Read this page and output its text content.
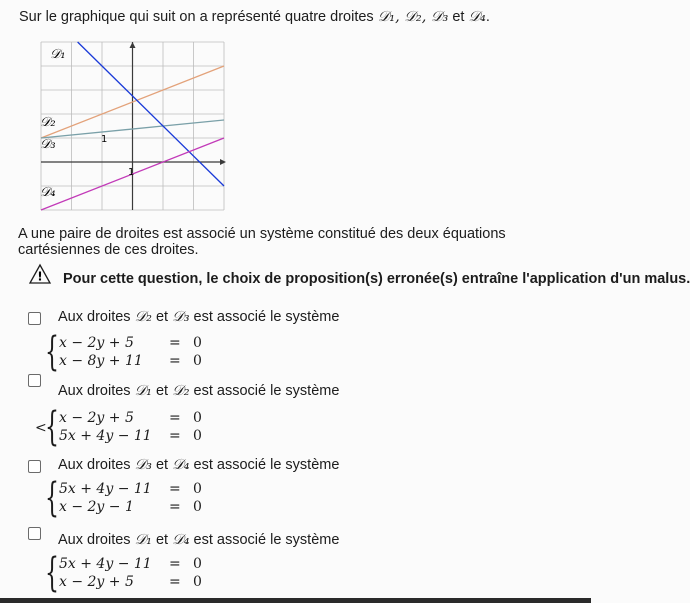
Sur le graphique qui suit on a représenté quatre droites 𝒟₁, 𝒟₂, 𝒟₃ et 𝒟₄.
𝒟₁
𝒟₂
𝒟₃
𝒟₄
1
1
A une paire de droites est associé un système constitué des deux équations cartésiennes de ces droites.
! Pour cette question, le choix de proposition(s) erronée(s) entraîne l'application d'un malus.
Aux droites 𝒟₂ et 𝒟₃ est associé le système
{ x − 2y + 5	= 0
x − 8y + 11 = 0
Aux droites 𝒟₁ et 𝒟₂ est associé le système
<
{ x − 2y + 5	= 0
5x + 4y − 11 = 0
Aux droites 𝒟₃ et 𝒟₄ est associé le système
{ 5x + 4y − 11 = 0
x − 2y − 1	= 0
Aux droites 𝒟₁ et 𝒟₄ est associé le système
{ 5x + 4y − 11 = 0
x − 2y + 5	= 0
